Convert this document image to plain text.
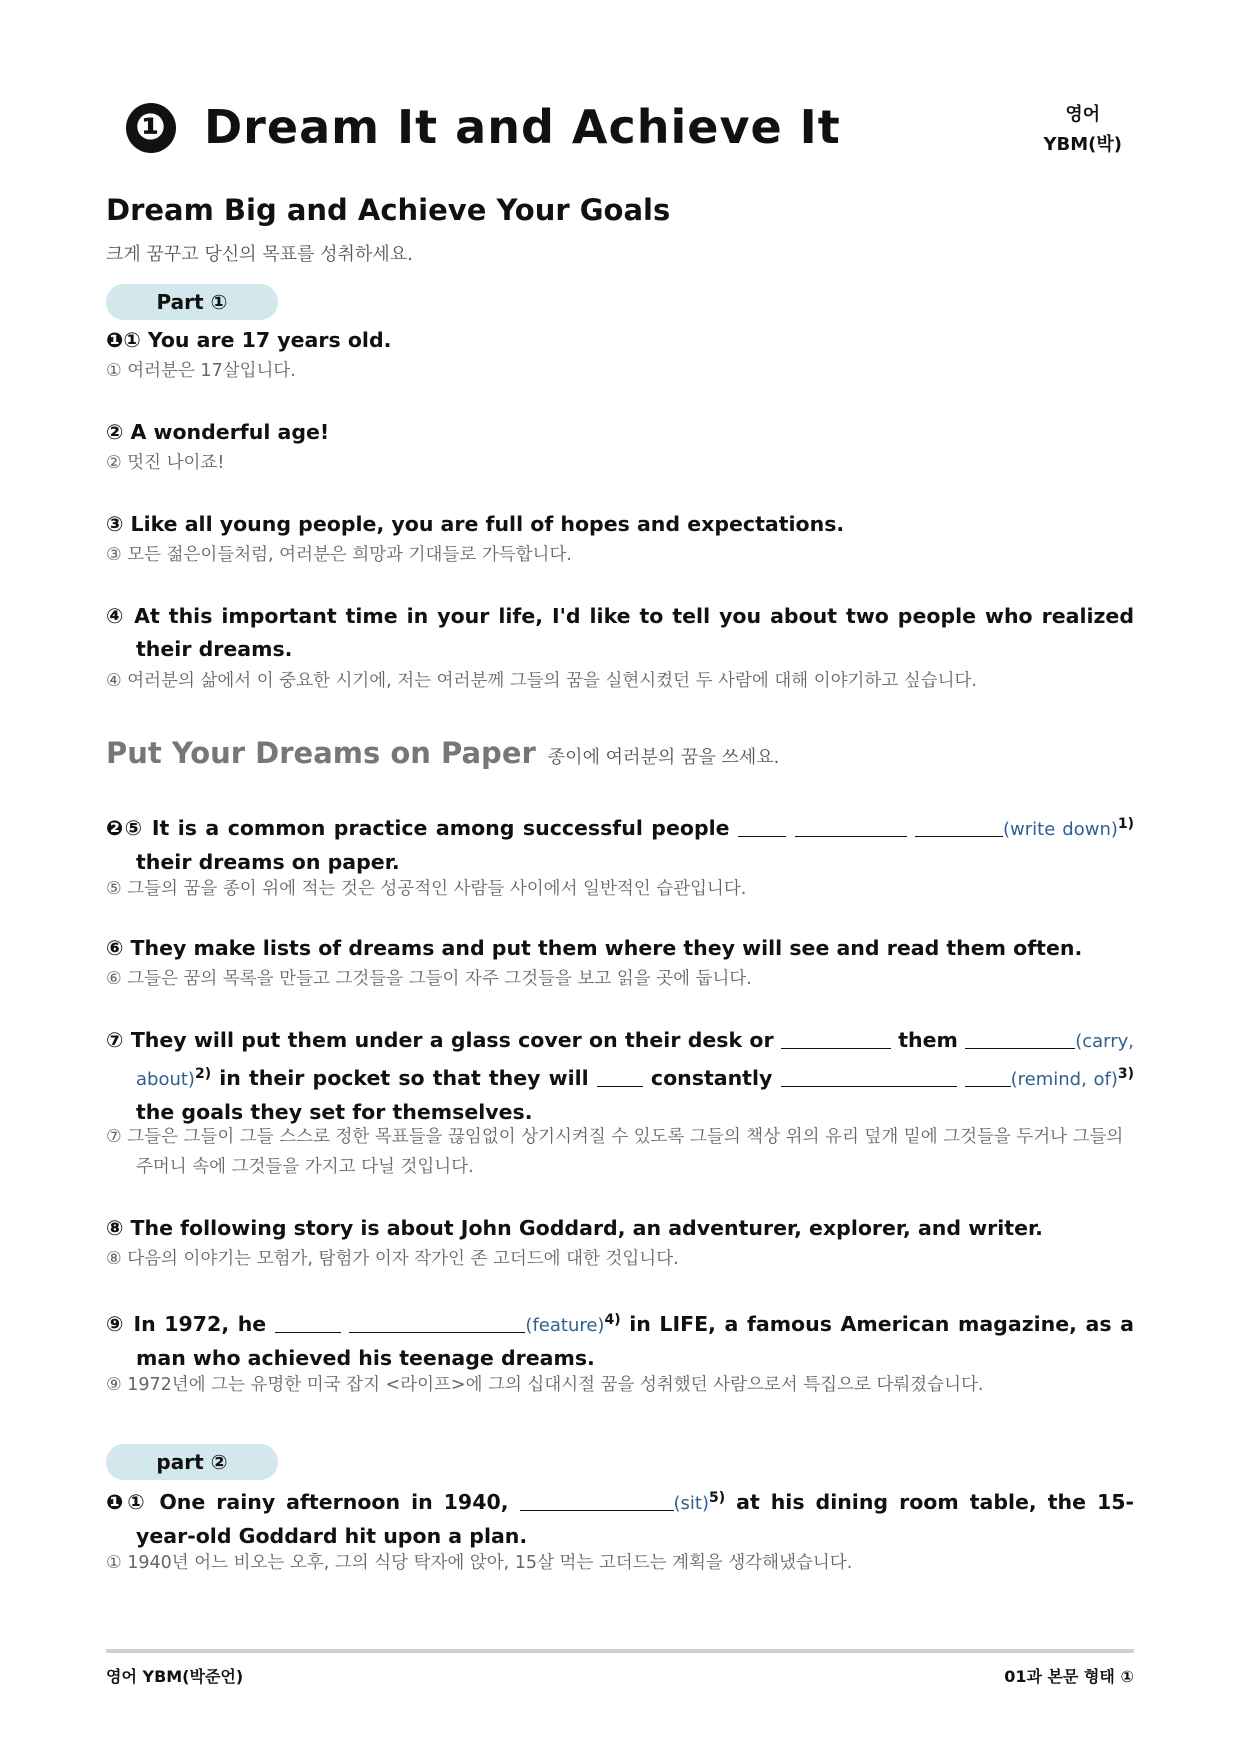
❶ Dream It and Achieve It	영어
YBM(박)
Dream Big and Achieve Your Goals
크게 꿈꾸고 당신의 목표를 성취하세요.
Part ①
❶① You are 17 years old.
① 여러분은 17살입니다.
② A wonderful age!
② 멋진 나이죠!
③ Like all young people, you are full of hopes and expectations.
③ 모든 젊은이들처럼, 여러분은 희망과 기대들로 가득합니다.
④ At this important time in your life, I'd like to tell you about two people who realized their dreams.
④ 여러분의 삶에서 이 중요한 시기에, 저는 여러분께 그들의 꿈을 실현시켰던 두 사람에 대해 이야기하고 싶습니다.
Put Your Dreams on Paper 종이에 여러분의 꿈을 쓰세요.
❷⑤ It is a common practice among successful people	(write down)$^{1)}$ their dreams on paper.
⑤ 그들의 꿈을 종이 위에 적는 것은 성공적인 사람들 사이에서 일반적인 습관입니다.
⑥ They make lists of dreams and put them where they will see and read them often.
⑥ 그들은 꿈의 목록을 만들고 그것들을 그들이 자주 그것들을 보고 읽을 곳에 둡니다.
⑦ They will put them under a glass cover on their desk or	them	(carry, about)$^{2)}$ in their pocket so that they will	constantly	(remind, of)$^{3)}$ the goals they set for themselves.
⑦ 그들은 그들이 그들 스스로 정한 목표들을 끊임없이 상기시켜질 수 있도록 그들의 책상 위의 유리 덮개 밑에 그것들을 두거나 그들의 주머니 속에 그것들을 가지고 다닐 것입니다.
⑧ The following story is about John Goddard, an adventurer, explorer, and writer.
⑧ 다음의 이야기는 모험가, 탐험가 이자 작가인 존 고더드에 대한 것입니다.
⑨ In 1972, he	(feature)$^{4)}$ in LIFE, a famous American magazine, as a man who achieved his teenage dreams.
⑨ 1972년에 그는 유명한 미국 잡지 <라이프>에 그의 십대시절 꿈을 성취했던 사람으로서 특집으로 다뤄졌습니다.
part ②
❶① One rainy afternoon in 1940,	(sit)$^{5)}$ at his dining room table, the 15-year-old Goddard hit upon a plan.
① 1940년 어느 비오는 오후, 그의 식당 탁자에 앉아, 15살 먹는 고더드는 계획을 생각해냈습니다.
영어 YBM(박준언)	01과 본문 형태 ①
